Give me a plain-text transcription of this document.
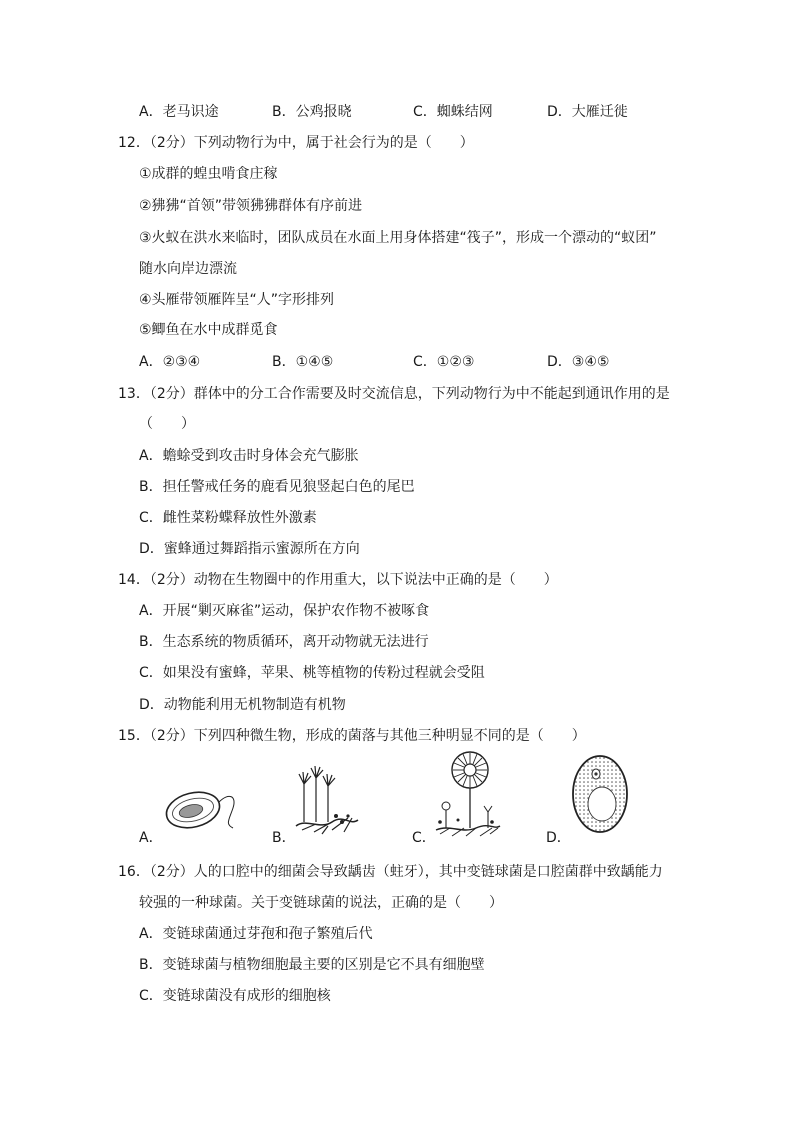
A．老马识途	B．公鸡报晓	C．蜘蛛结网	D．大雁迁徙
12．（2分）下列动物行为中，属于社会行为的是（　　）
①成群的蝗虫啃食庄稼
②狒狒“首领”带领狒狒群体有序前进
③火蚁在洪水来临时，团队成员在水面上用身体搭建“筏子”，形成一个漂动的“蚁团”
随水向岸边漂流
④头雁带领雁阵呈“人”字形排列
⑤鲫鱼在水中成群觅食
A．②③④	B．①④⑤	C．①②③	D．③④⑤
13．（2分）群体中的分工合作需要及时交流信息，下列动物行为中不能起到通讯作用的是
（　　）
A．蟾蜍受到攻击时身体会充气膨胀
B．担任警戒任务的鹿看见狼竖起白色的尾巴
C．雌性菜粉蝶释放性外激素
D．蜜蜂通过舞蹈指示蜜源所在方向
14．（2分）动物在生物圈中的作用重大，以下说法中正确的是（　　）
A．开展“剿灭麻雀”运动，保护农作物不被啄食
B．生态系统的物质循环，离开动物就无法进行
C．如果没有蜜蜂，苹果、桃等植物的传粉过程就会受阻
D．动物能利用无机物制造有机物
15．（2分）下列四种微生物，形成的菌落与其他三种明显不同的是（　　）
A．	B．	C．	D．
16．（2分）人的口腔中的细菌会导致龋齿（蛀牙），其中变链球菌是口腔菌群中致龋能力
较强的一种球菌。关于变链球菌的说法，正确的是（　　）
A．变链球菌通过芽孢和孢子繁殖后代
B．变链球菌与植物细胞最主要的区别是它不具有细胞壁
C．变链球菌没有成形的细胞核
